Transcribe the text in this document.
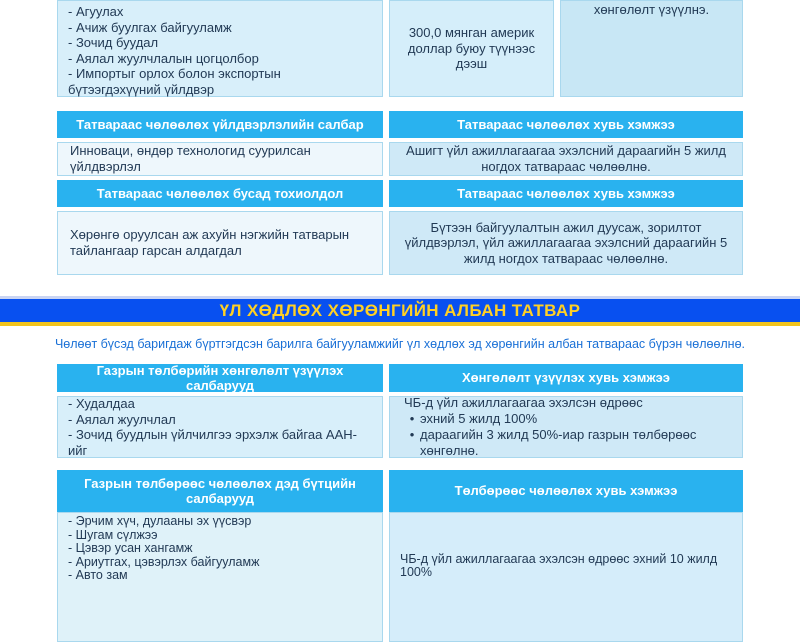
- Агуулах
- Ачиж буулгах байгууламж
- Зочид буудал
- Аялал жуулчлалын цогцолбор
- Импортыг орлох болон экспортын бүтээгдэхүүний үйлдвэр
300,0 мянган америк доллар буюу түүнээс дээш
хөнгөлөлт үзүүлнэ.
Татвараас чөлөөлөх үйлдвэрлэлийн салбар	Татвараас чөлөөлөх хувь хэмжээ
Инноваци, өндөр технологид суурилсан үйлдвэрлэл
Ашигт үйл ажиллагаагаа эхэлсний дараагийн 5 жилд ногдох татвараас чөлөөлнө.
Татвараас чөлөөлөх бусад тохиолдол	Татвараас чөлөөлөх хувь хэмжээ
Хөрөнгө оруулсан аж ахуйн нэгжийн татварын тайлангаар гарсан алдагдал
Бүтээн байгуулалтын ажил дуусаж, зорилтот үйлдвэрлэл, үйл ажиллагаагаа эхэлсний дараагийн 5 жилд ногдох татвараас чөлөөлнө.
ҮЛ ХӨДЛӨХ ХӨРӨНГИЙН АЛБАН ТАТВАР
Чөлөөт бүсэд баригдаж бүртгэгдсэн барилга байгууламжийг үл хөдлөх эд хөрөнгийн албан татвараас бүрэн чөлөөлнө.
Газрын төлбөрийн хөнгөлөлт үзүүлэх салбарууд
Хөнгөлөлт үзүүлэх хувь хэмжээ
- Худалдаа
- Аялал жуулчлал
- Зочид буудлын үйлчилгээ эрхэлж байгаа ААН-ийг
ЧБ-д үйл ажиллагаагаа эхэлсэн өдрөөс
• эхний 5 жилд 100%
• дараагийн 3 жилд 50%-иар газрын төлбөрөөс хөнгөлнө.
Газрын төлбөрөөс чөлөөлөх дэд бүтцийн салбарууд
Төлбөрөөс чөлөөлөх хувь хэмжээ
- Эрчим хүч, дулааны эх үүсвэр
- Шугам сүлжээ
- Цэвэр усан хангамж
- Ариутгах, цэвэрлэх байгууламж
- Авто зам
ЧБ-д үйл ажиллагаагаа эхэлсэн өдрөөс эхний 10 жилд 100%
